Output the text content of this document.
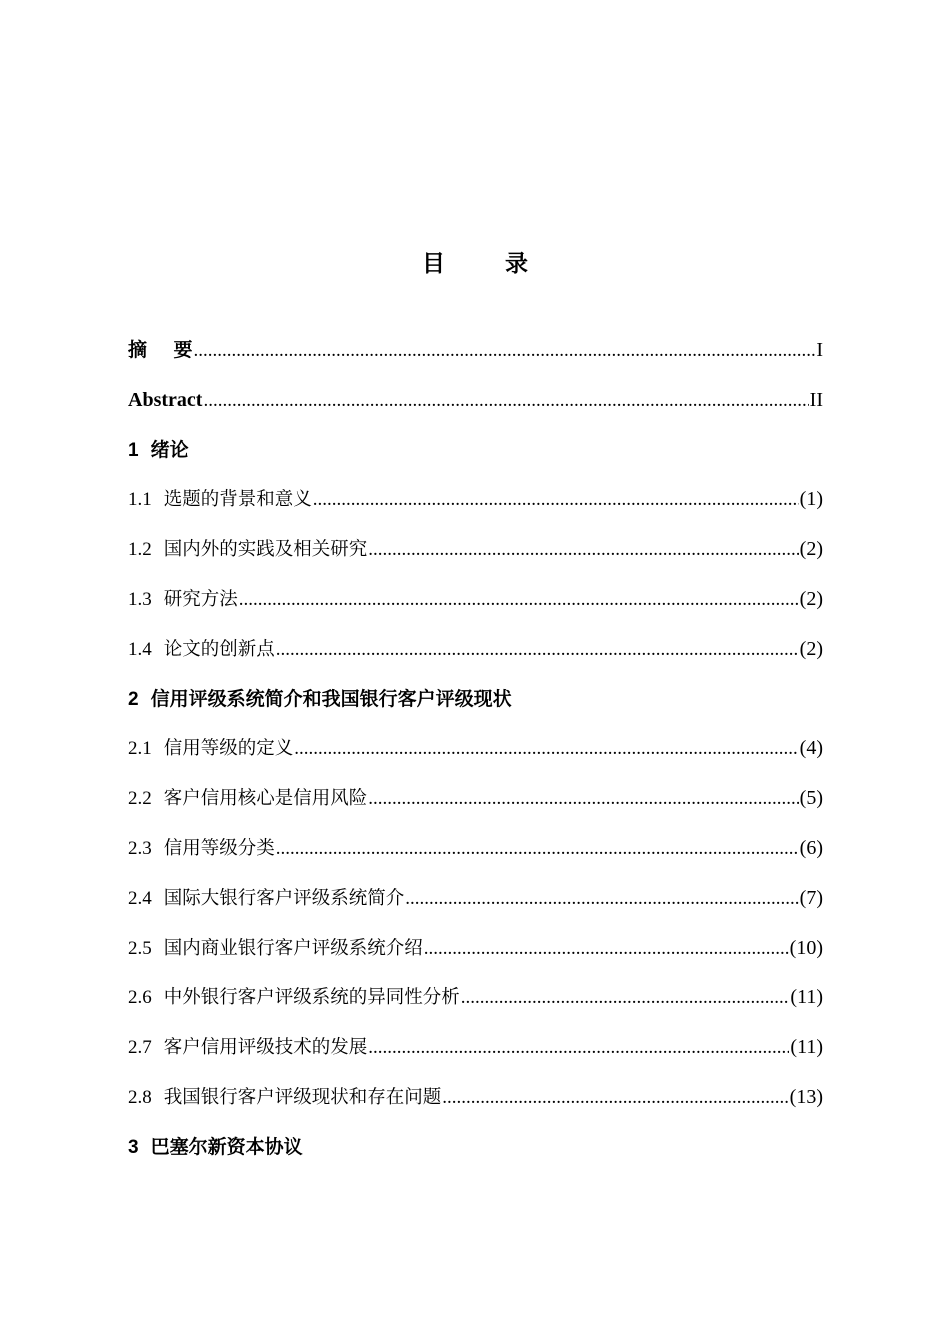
目 录
摘    要 .....	I
Abstract .....	II
1 绪论
1.1 选题的背景和意义 .....	(1)
1.2 国内外的实践及相关研究 .....	(2)
1.3 研究方法 .....	(2)
1.4 论文的创新点 .....	(2)
2 信用评级系统简介和我国银行客户评级现状
2.1 信用等级的定义 .....	(4)
2.2 客户信用核心是信用风险 .....	(5)
2.3 信用等级分类 .....	(6)
2.4 国际大银行客户评级系统简介 .....	(7)
2.5 国内商业银行客户评级系统介绍 .....	(10)
2.6 中外银行客户评级系统的异同性分析 .....	(11)
2.7 客户信用评级技术的发展 .....	(11)
2.8 我国银行客户评级现状和存在问题 .....	(13)
3 巴塞尔新资本协议
